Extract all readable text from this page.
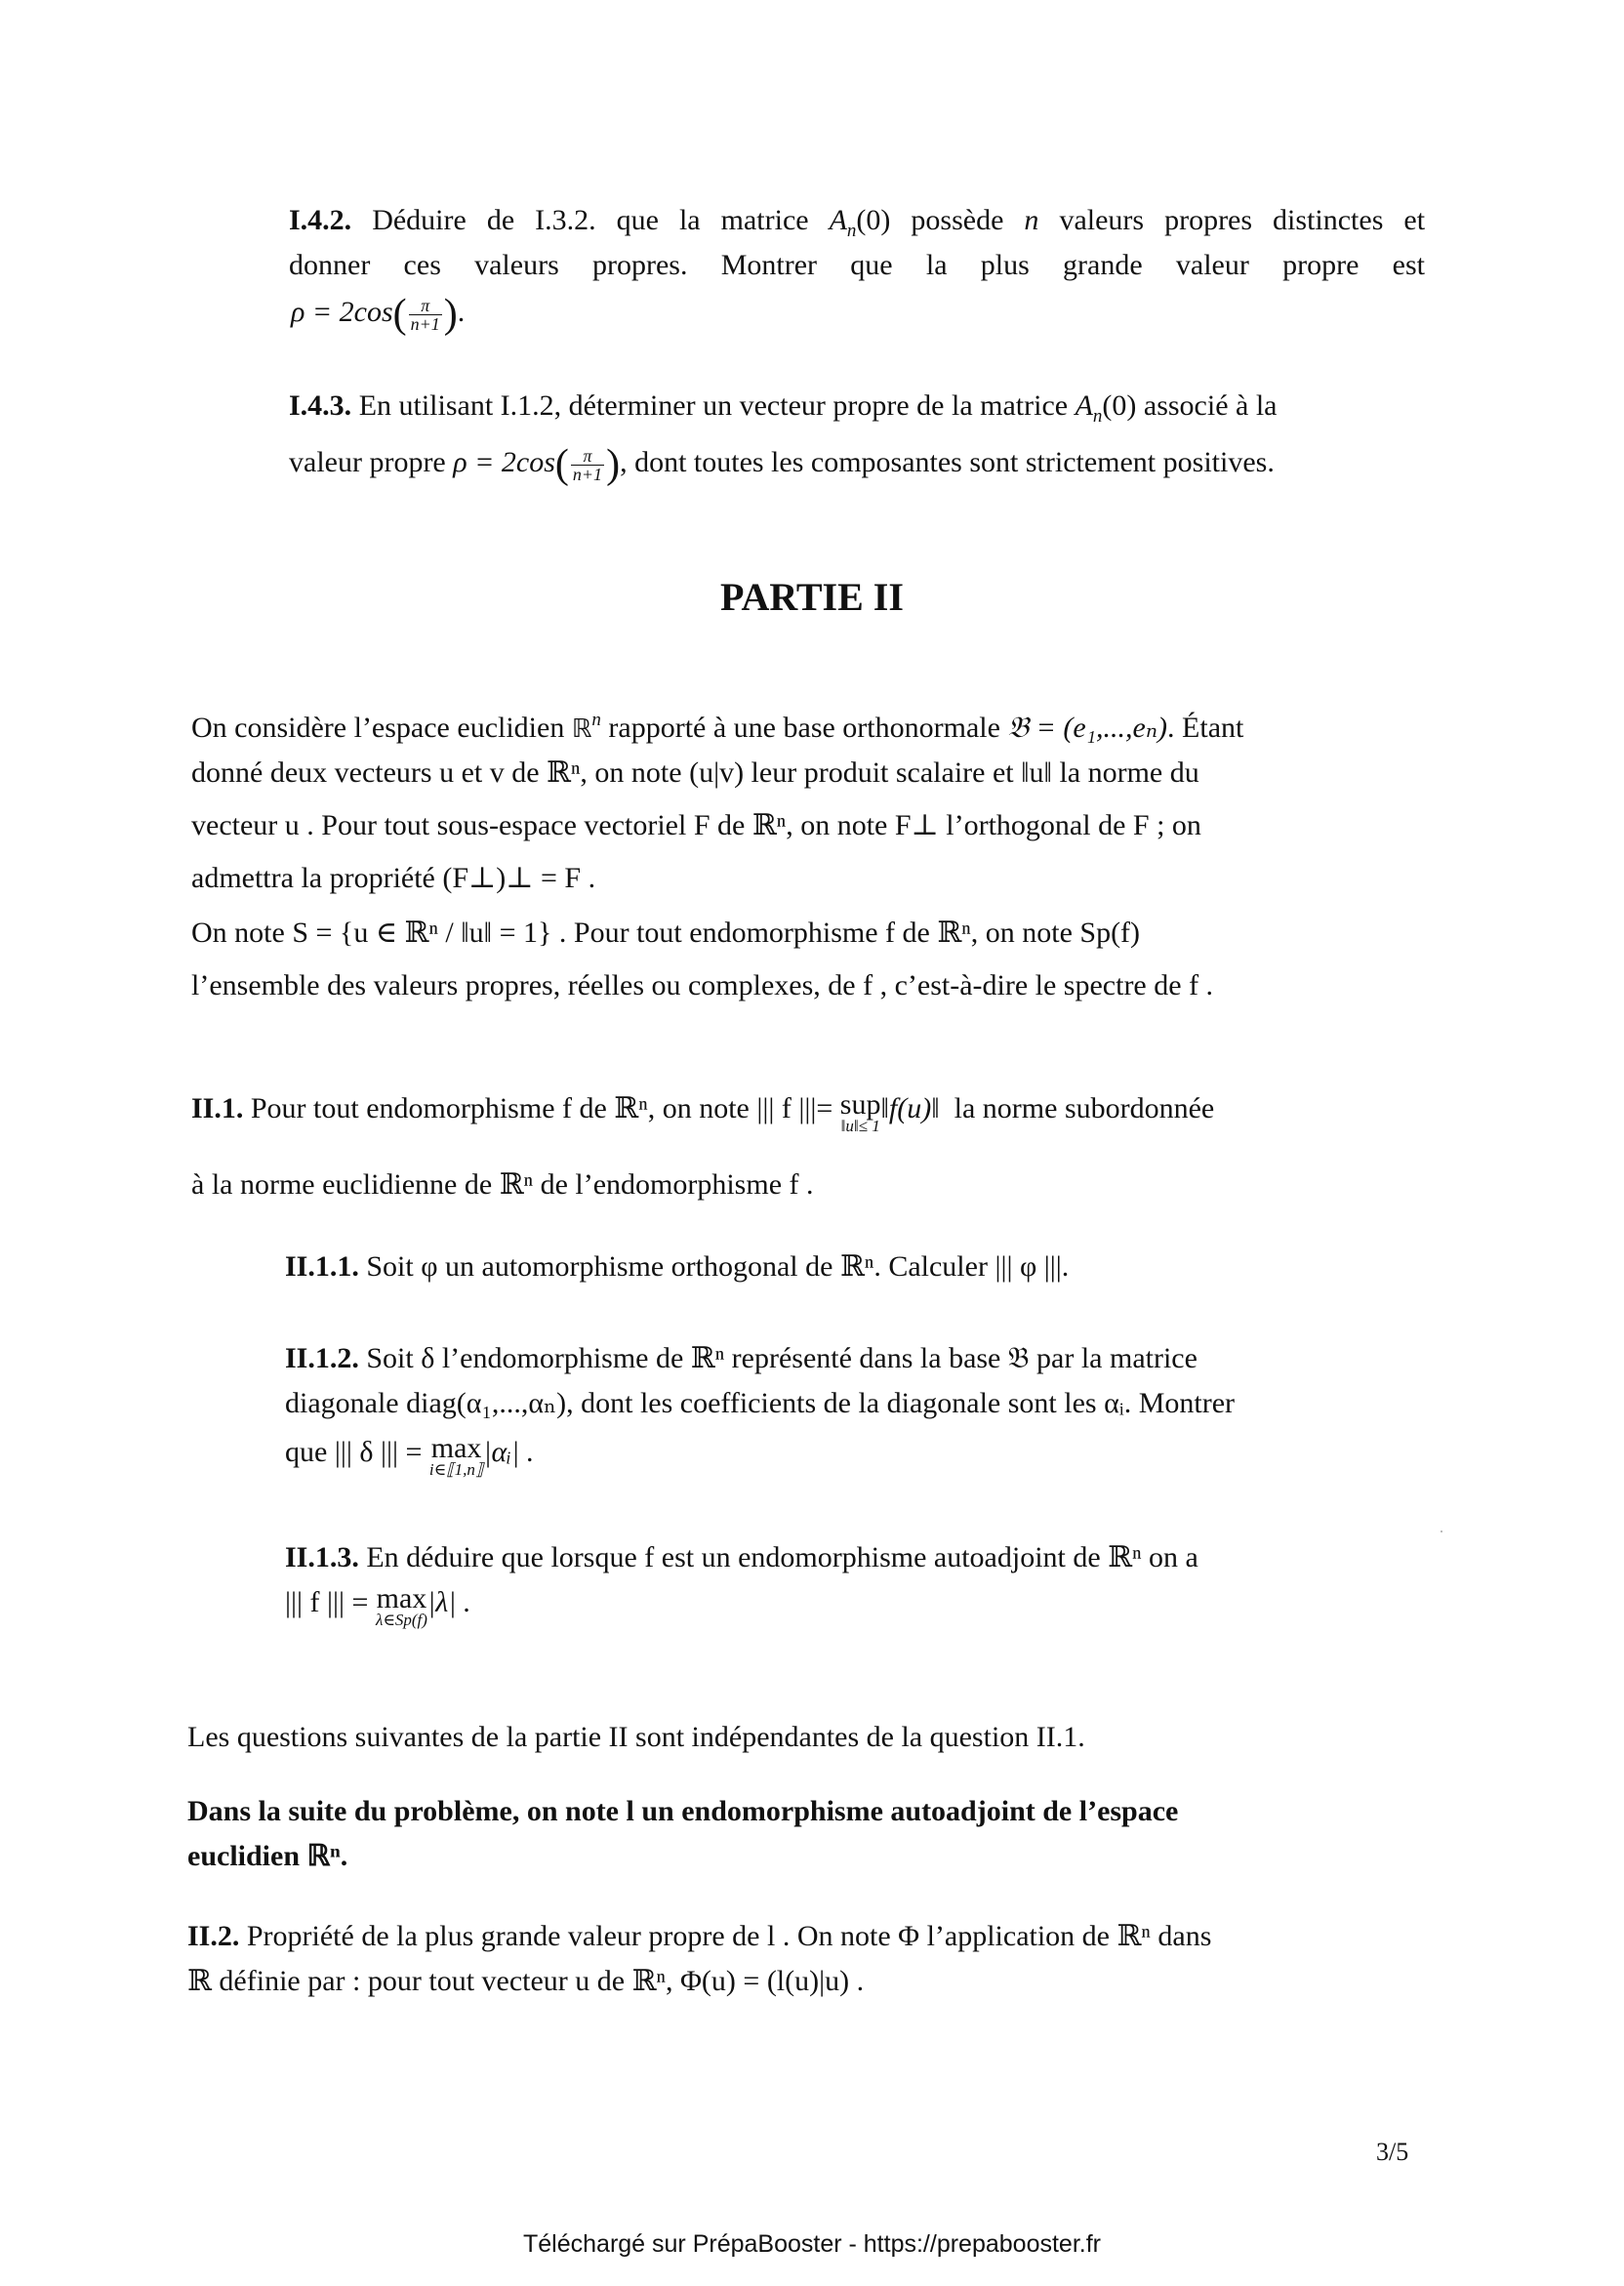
I.4.2. Déduire de I.3.2. que la matrice $A_n(0)$ possède n valeurs propres distinctes et
donner ces valeurs propres. Montrer que la plus grande valeur propre est
$\rho = 2\cos( \frac{\pi}{n+1}$ ).
I.4.3. En utilisant I.1.2, déterminer un vecteur propre de la matrice $A_n(0)$ associé à la
valeur propre $\rho = 2\cos( \frac{\pi}{n+1}$ ), dont toutes les composantes sont strictement positives.
PARTIE II
On considère l’espace euclidien ℝ$^n$ rapporté à une base orthonormale 𝔅 = (e₁,...,eₙ). Étant
donné deux vecteurs u et v de ℝⁿ, on note (u|v) leur produit scalaire et ‖u‖ la norme du
vecteur u . Pour tout sous-espace vectoriel F de ℝⁿ, on note F⊥ l’orthogonal de F ; on
admettra la propriété (F⊥)⊥ = F .
On note S = {u ∈ ℝⁿ / ‖u‖ = 1} . Pour tout endomorphisme f de ℝⁿ, on note Sp(f)
l’ensemble des valeurs propres, réelles ou complexes, de f , c’est-à-dire le spectre de f .
II.1. Pour tout endomorphisme f de ℝⁿ, on note ||| f |||= sup
‖u‖≤ 1
‖f(u)‖ la norme subordonnée
à la norme euclidienne de ℝⁿ de l’endomorphisme f .
II.1.1. Soit φ un automorphisme orthogonal de ℝⁿ. Calculer ||| φ |||.
II.1.2. Soit δ l’endomorphisme de ℝⁿ représenté dans la base 𝔅 par la matrice
diagonale diag(α₁,...,αₙ), dont les coefficients de la diagonale sont les αᵢ. Montrer
que ||| δ ||| = max
i∈⟦1,n⟧
|αᵢ| .
II.1.3. En déduire que lorsque f est un endomorphisme autoadjoint de ℝⁿ on a
||| f ||| = max
λ∈Sp(f)
|λ| .
Les questions suivantes de la partie II sont indépendantes de la question II.1.
Dans la suite du problème, on note l un endomorphisme autoadjoint de l’espace
euclidien ℝⁿ.
II.2. Propriété de la plus grande valeur propre de l . On note Φ l’application de ℝⁿ dans
ℝ définie par : pour tout vecteur u de ℝⁿ, Φ(u) = (l(u)|u) .
3/5
Téléchargé sur PrépaBooster - https://prepabooster.fr
